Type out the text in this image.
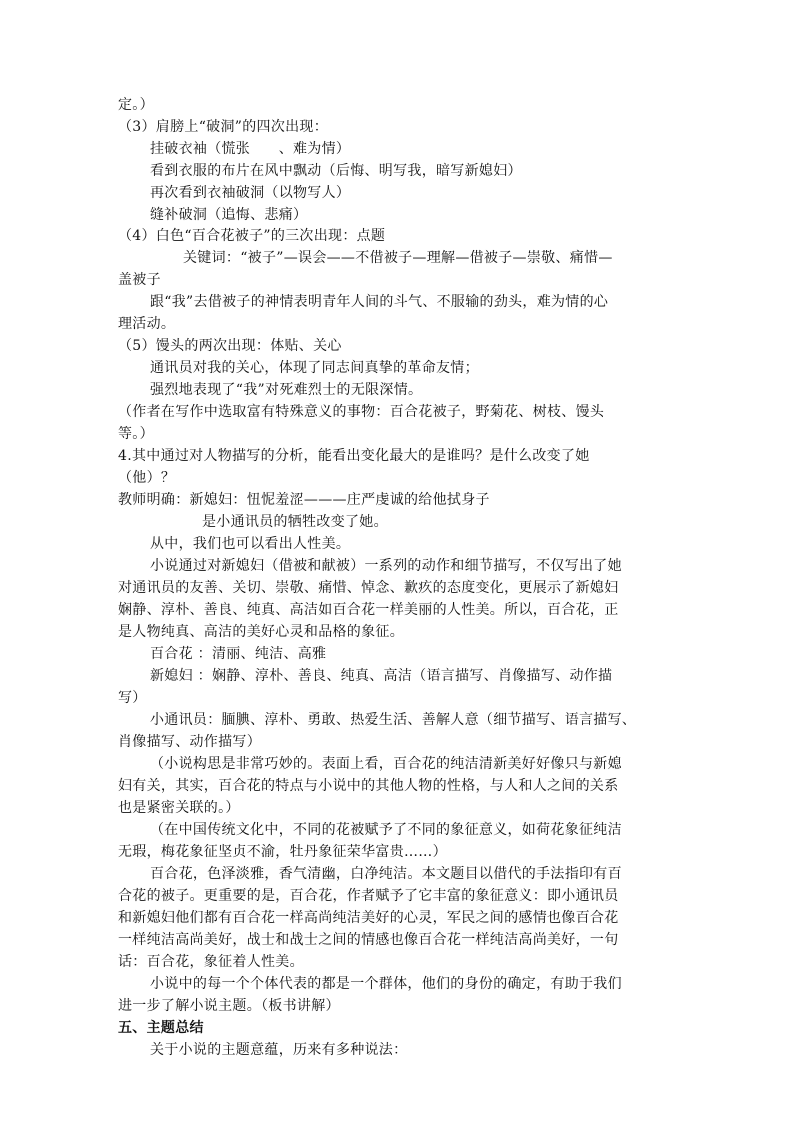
定。）
（3）肩膀上“破洞”的四次出现：
挂破衣袖（慌张　　、难为情）
看到衣服的布片在风中飘动（后悔、明写我，暗写新媳妇）
再次看到衣袖破洞（以物写人）
缝补破洞（追悔、悲痛）
（4）白色“百合花被子”的三次出现：点题
关键词：“被子”—误会——不借被子—理解—借被子—崇敬、痛惜—
盖被子
跟“我”去借被子的神情表明青年人间的斗气、不服输的劲头，难为情的心
理活动。
（5）馒头的两次出现：体贴、关心
通讯员对我的关心，体现了同志间真挚的革命友情；
强烈地表现了“我”对死难烈士的无限深情。
（作者在写作中选取富有特殊意义的事物：百合花被子，野菊花、树枝、馒头
等。）
4.其中通过对人物描写的分析，能看出变化最大的是谁吗？是什么改变了她
（他）？
教师明确：新媳妇：忸怩羞涩———庄严虔诚的给他拭身子
是小通讯员的牺牲改变了她。
从中，我们也可以看出人性美。
小说通过对新媳妇（借被和献被）一系列的动作和细节描写，不仅写出了她
对通讯员的友善、关切、崇敬、痛惜、悼念、歉疚的态度变化，更展示了新媳妇
娴静、淳朴、善良、纯真、高洁如百合花一样美丽的人性美。所以，百合花，正
是人物纯真、高洁的美好心灵和品格的象征。
百合花 ：清丽、纯洁、高雅
新媳妇 ：娴静、淳朴、善良、纯真、高洁（语言描写、肖像描写、动作描
写）
小通讯员：腼腆、淳朴、勇敢、热爱生活、善解人意（细节描写、语言描写、
肖像描写、动作描写）
（小说构思是非常巧妙的。表面上看，百合花的纯洁清新美好好像只与新媳
妇有关，其实，百合花的特点与小说中的其他人物的性格，与人和人之间的关系
也是紧密关联的。）
（在中国传统文化中，不同的花被赋予了不同的象征意义，如荷花象征纯洁
无瑕，梅花象征坚贞不渝，牡丹象征荣华富贵……）
百合花，色泽淡雅，香气清幽，白净纯洁。本文题目以借代的手法指印有百
合花的被子。更重要的是，百合花，作者赋予了它丰富的象征意义：即小通讯员
和新媳妇他们都有百合花一样高尚纯洁美好的心灵，军民之间的感情也像百合花
一样纯洁高尚美好，战士和战士之间的情感也像百合花一样纯洁高尚美好，一句
话：百合花，象征着人性美。
小说中的每一个个体代表的都是一个群体，他们的身份的确定，有助于我们
进一步了解小说主题。（板书讲解）
五、主题总结
关于小说的主题意蕴，历来有多种说法：
